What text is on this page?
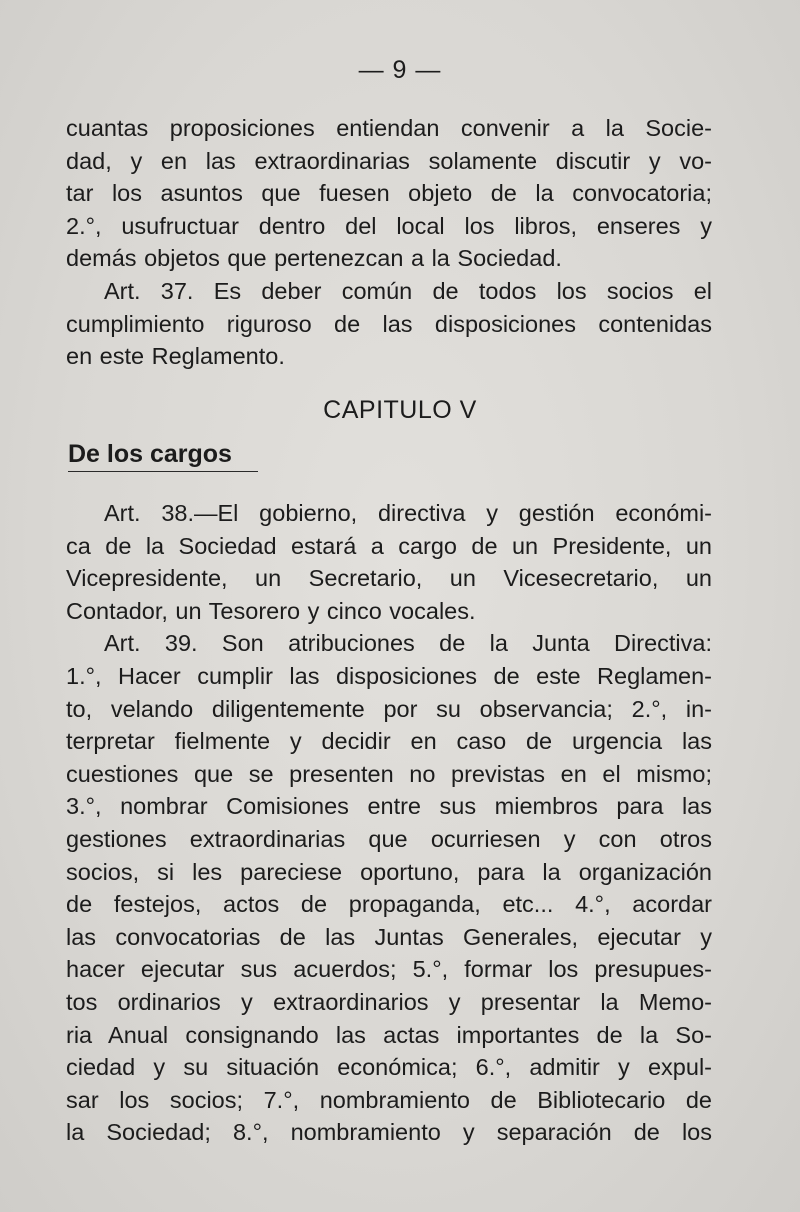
— 9 —
cuantas proposiciones entiendan convenir a la Socie-
dad, y en las extraordinarias solamente discutir y vo-
tar los asuntos que fuesen objeto de la convocatoria;
2.°, usufructuar dentro del local los libros, enseres y
demás objetos que pertenezcan a la Sociedad.
Art. 37. Es deber común de todos los socios el
cumplimiento riguroso de las disposiciones contenidas
en este Reglamento.
CAPITULO V
De los cargos
Art. 38.—El gobierno, directiva y gestión económi-
ca de la Sociedad estará a cargo de un Presidente, un
Vicepresidente, un Secretario, un Vicesecretario, un
Contador, un Tesorero y cinco vocales.
Art. 39. Son atribuciones de la Junta Directiva:
1.°, Hacer cumplir las disposiciones de este Reglamen-
to, velando diligentemente por su observancia; 2.°, in-
terpretar fielmente y decidir en caso de urgencia las
cuestiones que se presenten no previstas en el mismo;
3.°, nombrar Comisiones entre sus miembros para las
gestiones extraordinarias que ocurriesen y con otros
socios, si les pareciese oportuno, para la organización
de festejos, actos de propaganda, etc... 4.°, acordar
las convocatorias de las Juntas Generales, ejecutar y
hacer ejecutar sus acuerdos; 5.°, formar los presupues-
tos ordinarios y extraordinarios y presentar la Memo-
ria Anual consignando las actas importantes de la So-
ciedad y su situación económica; 6.°, admitir y expul-
sar los socios; 7.°, nombramiento de Bibliotecario de
la Sociedad; 8.°, nombramiento y separación de los
